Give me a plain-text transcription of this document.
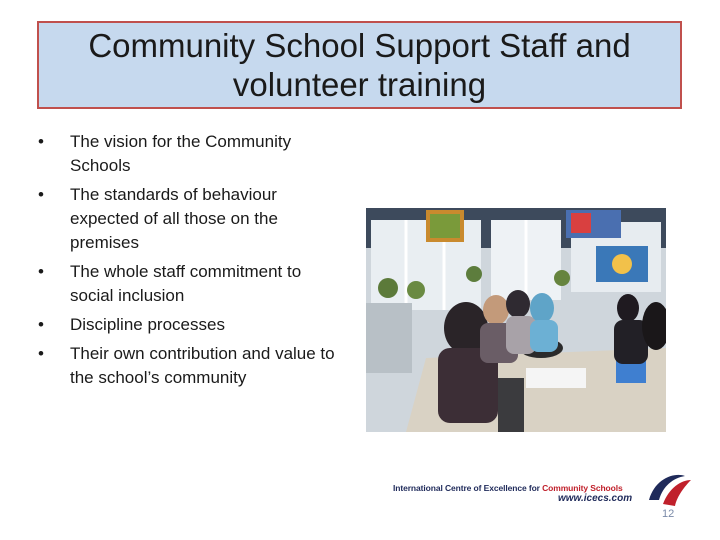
Community School Support Staff and volunteer training
• The vision for the Community Schools
• The standards of behaviour expected of all those on the premises
• The whole staff commitment to social inclusion
• Discipline processes
• Their own contribution and value to the school’s community
International Centre of Excellence for Community Schools
www.icecs.com
12
